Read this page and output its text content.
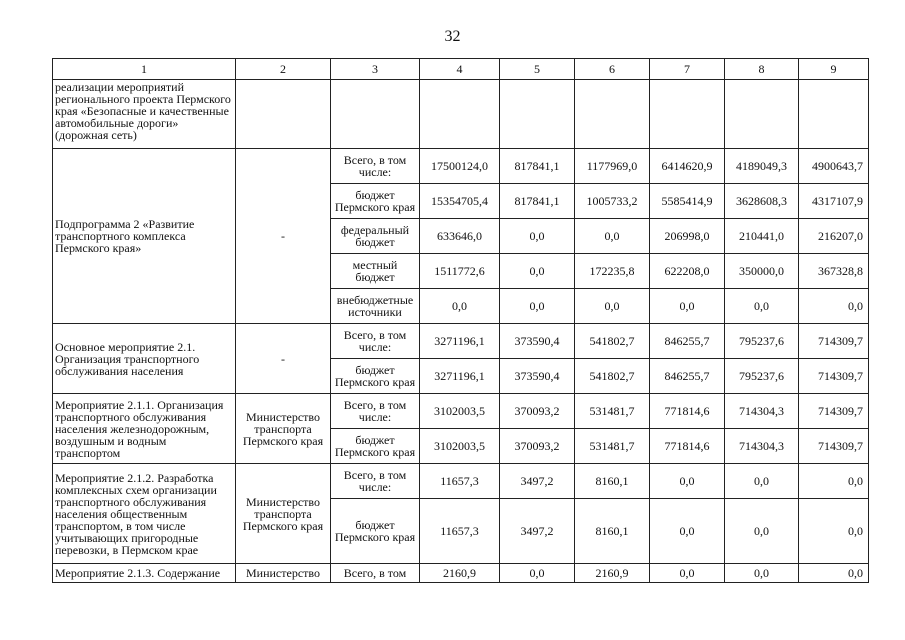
32
1	2	3	4	5	6	7	8	9
реализации мероприятий регионального проекта Пермского края «Безопасные и качественные автомобильные дороги» (дорожная сеть)								
Подпрограмма 2 «Развитие транспортного комплекса Пермского края»	-	Всего, в том числе:	17500124,0	817841,1	1177969,0	6414620,9	4189049,3	4900643,7
		бюджет Пермского края	15354705,4	817841,1	1005733,2	5585414,9	3628608,3	4317107,9
		федеральный бюджет	633646,0	0,0	0,0	206998,0	210441,0	216207,0
		местный бюджет	1511772,6	0,0	172235,8	622208,0	350000,0	367328,8
		внебюджетные источники	0,0	0,0	0,0	0,0	0,0	0,0
Основное мероприятие 2.1. Организация транспортного обслуживания населения	-	Всего, в том числе:	3271196,1	373590,4	541802,7	846255,7	795237,6	714309,7
		бюджет Пермского края	3271196,1	373590,4	541802,7	846255,7	795237,6	714309,7
Мероприятие 2.1.1. Организация транспортного обслуживания населения железнодорожным, воздушным и водным транспортом	Министерство транспорта Пермского края	Всего, в том числе:	3102003,5	370093,2	531481,7	771814,6	714304,3	714309,7
		бюджет Пермского края	3102003,5	370093,2	531481,7	771814,6	714304,3	714309,7
Мероприятие 2.1.2. Разработка комплексных схем организации транспортного обслуживания населения общественным транспортом, в том числе учитывающих пригородные перевозки, в Пермском крае	Министерство транспорта Пермского края	Всего, в том числе:	11657,3	3497,2	8160,1	0,0	0,0	0,0
		бюджет Пермского края	11657,3	3497,2	8160,1	0,0	0,0	0,0
Мероприятие 2.1.3. Содержание	Министерство	Всего, в том	2160,9	0,0	2160,9	0,0	0,0	0,0
